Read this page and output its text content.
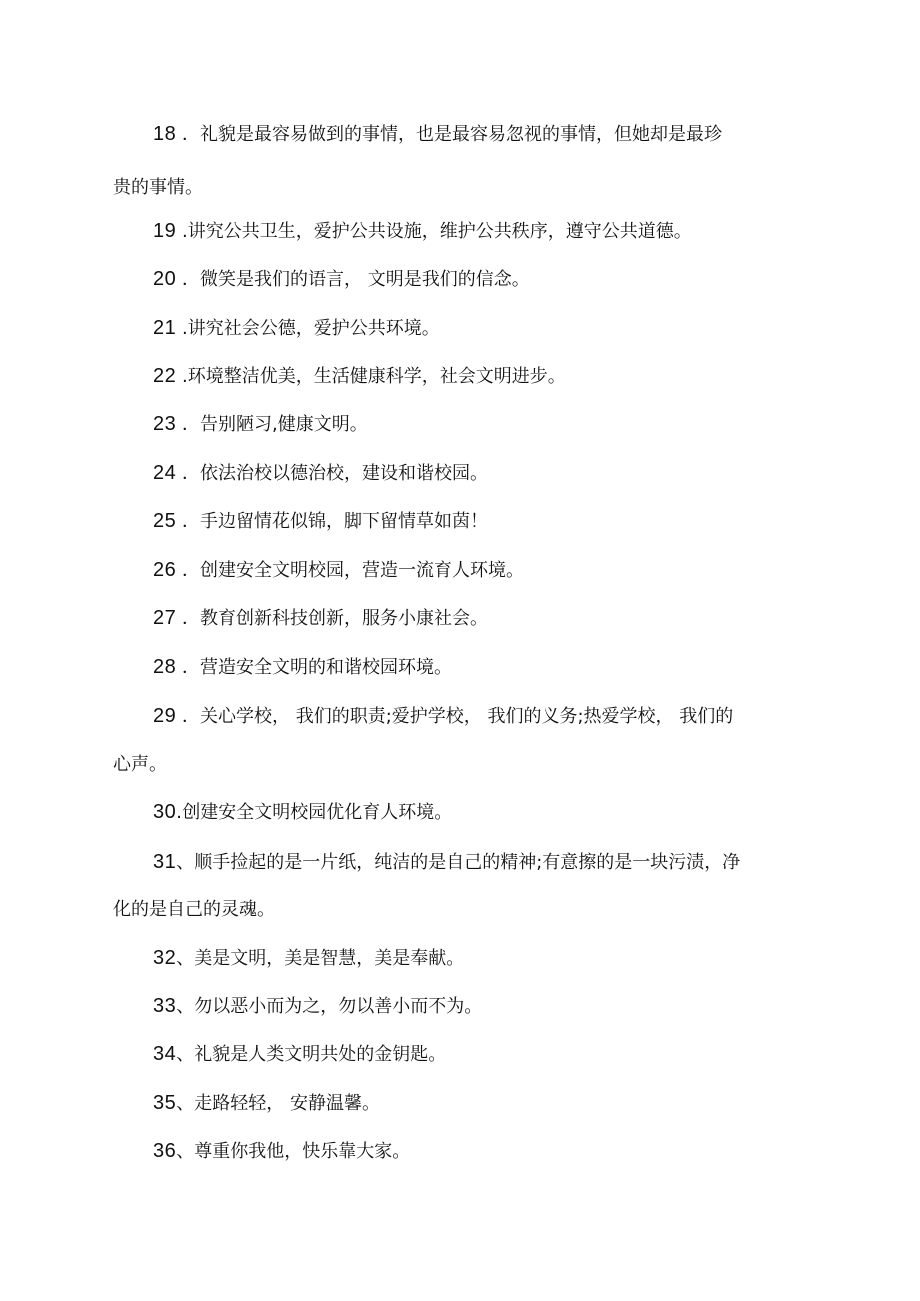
18 ．礼貌是最容易做到的事情，也是最容易忽视的事情，但她却是最珍
贵的事情。
19 .讲究公共卫生，爱护公共设施，维护公共秩序，遵守公共道德。
20 ．微笑是我们的语言， 文明是我们的信念。
21 .讲究社会公德，爱护公共环境。
22 .环境整洁优美，生活健康科学，社会文明进步。
23 ．告别陋习,健康文明。
24 ．依法治校以德治校，建设和谐校园。
25 ．手边留情花似锦，脚下留情草如茵！
26 ．创建安全文明校园，营造一流育人环境。
27 ．教育创新科技创新，服务小康社会。
28 ．营造安全文明的和谐校园环境。
29 ．关心学校， 我们的职责;爱护学校， 我们的义务;热爱学校， 我们的
心声。
30.创建安全文明校园优化育人环境。
31、顺手捡起的是一片纸，纯洁的是自己的精神;有意擦的是一块污渍，净
化的是自己的灵魂。
32、美是文明，美是智慧，美是奉献。
33、勿以恶小而为之，勿以善小而不为。
34、礼貌是人类文明共处的金钥匙。
35、走路轻轻， 安静温馨。
36、尊重你我他，快乐靠大家。
